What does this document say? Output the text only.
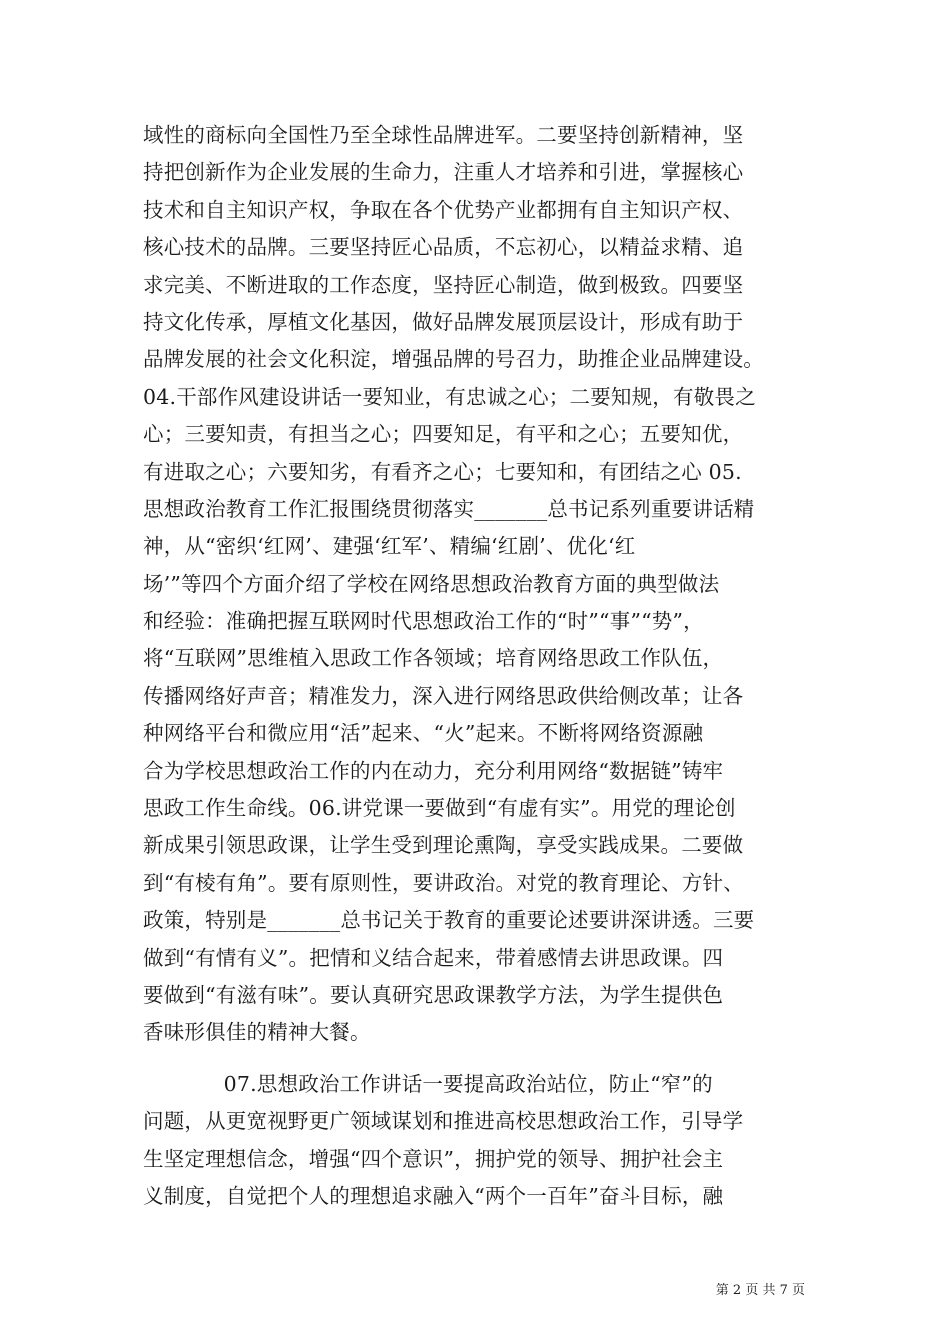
域性的商标向全国性乃至全球性品牌进军。二要坚持创新精神，坚
持把创新作为企业发展的生命力，注重人才培养和引进，掌握核心
技术和自主知识产权，争取在各个优势产业都拥有自主知识产权、
核心技术的品牌。三要坚持匠心品质，不忘初心，以精益求精、追
求完美、不断进取的工作态度，坚持匠心制造，做到极致。四要坚
持文化传承，厚植文化基因，做好品牌发展顶层设计，形成有助于
品牌发展的社会文化积淀，增强品牌的号召力，助推企业品牌建设。
04.干部作风建设讲话一要知业，有忠诚之心；二要知规，有敬畏之
心；三要知责，有担当之心；四要知足，有平和之心；五要知优，
有进取之心；六要知劣，有看齐之心；七要知和，有团结之心 05.
思想政治教育工作汇报围绕贯彻落实_______总书记系列重要讲话精
神，从“密织‘红网’、建强‘红军’、精编‘红剧’、优化‘红
场’”等四个方面介绍了学校在网络思想政治教育方面的典型做法
和经验：准确把握互联网时代思想政治工作的“时”“事”“势”，
将“互联网”思维植入思政工作各领域；培育网络思政工作队伍，
传播网络好声音；精准发力，深入进行网络思政供给侧改革；让各
种网络平台和微应用“活”起来、“火”起来。不断将网络资源融
合为学校思想政治工作的内在动力，充分利用网络“数据链”铸牢
思政工作生命线。06.讲党课一要做到“有虚有实”。用党的理论创
新成果引领思政课，让学生受到理论熏陶，享受实践成果。二要做
到“有棱有角”。要有原则性，要讲政治。对党的教育理论、方针、
政策，特别是_______总书记关于教育的重要论述要讲深讲透。三要
做到“有情有义”。把情和义结合起来，带着感情去讲思政课。四
要做到“有滋有味”。要认真研究思政课教学方法，为学生提供色
香味形俱佳的精神大餐。
07.思想政治工作讲话一要提高政治站位，防止“窄”的
问题，从更宽视野更广领域谋划和推进高校思想政治工作，引导学
生坚定理想信念，增强“四个意识”，拥护党的领导、拥护社会主
义制度，自觉把个人的理想追求融入“两个一百年”奋斗目标，融
第 2 页 共 7 页
